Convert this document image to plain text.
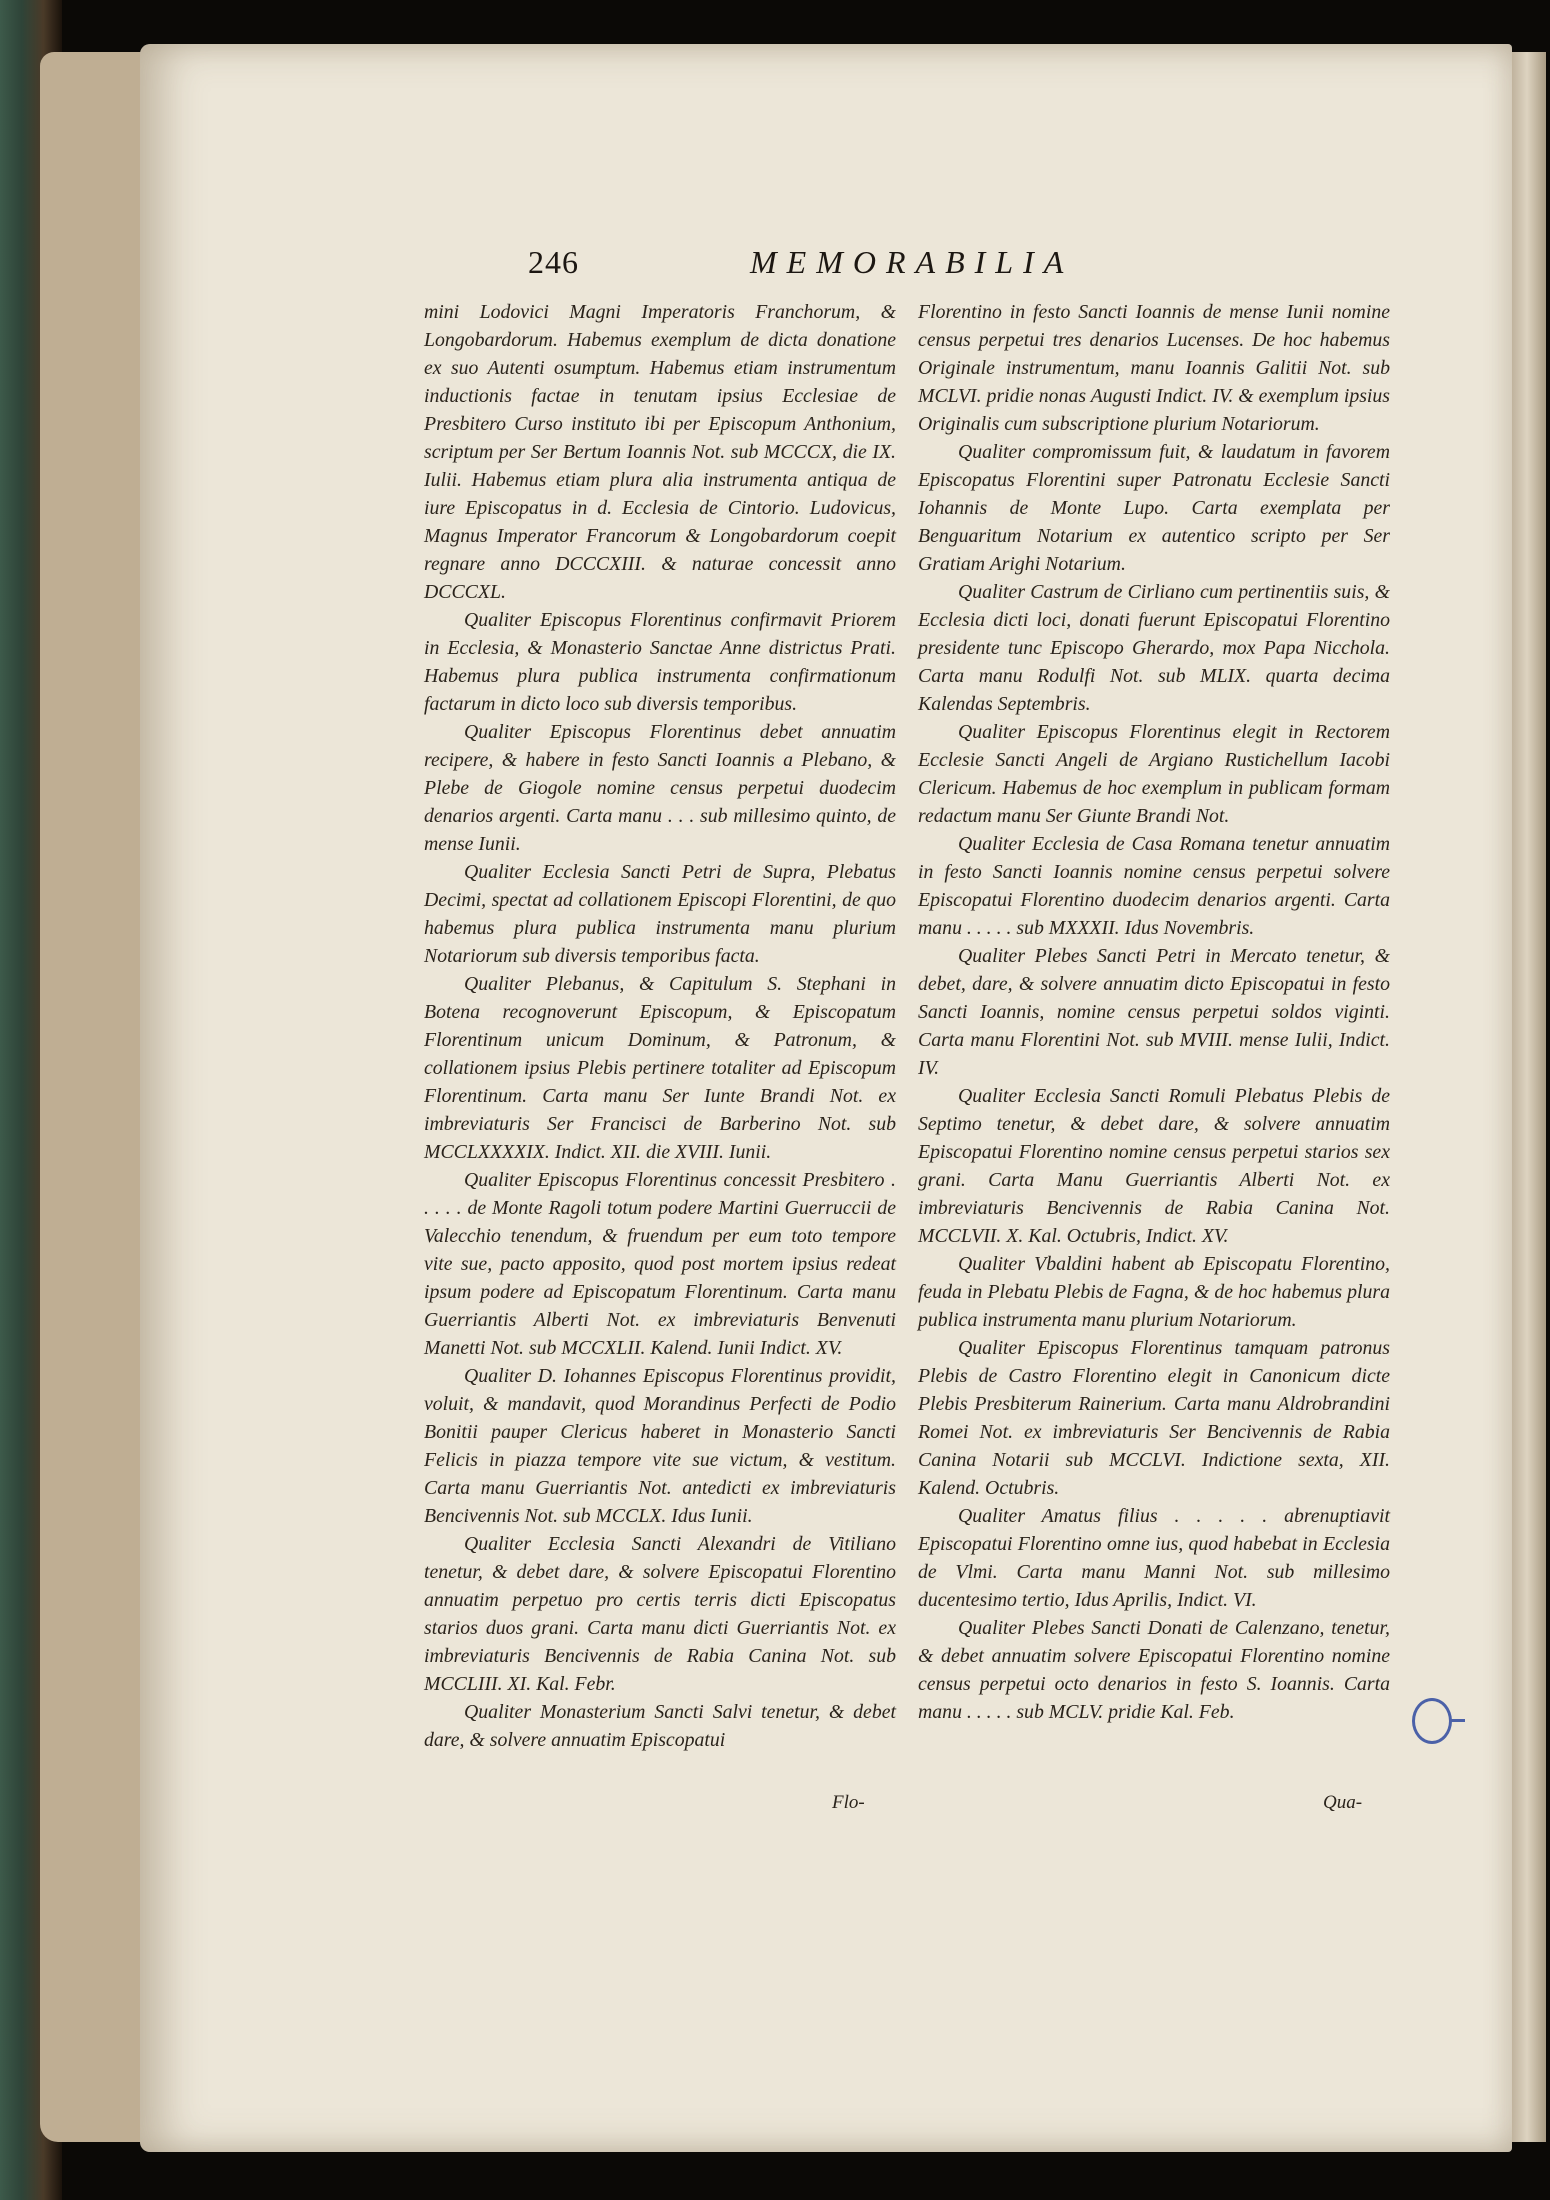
246	MEMORABILIA

mini Lodovici Magni Imperatoris Franchorum, & Longobardorum. Habemus exemplum de dicta donatione ex suo Autenti osumptum. Habemus etiam instrumentum inductionis factae in tenutam ipsius Ecclesiae de Presbitero Curso instituto ibi per Episcopum Anthonium, scriptum per Ser Bertum Ioannis Not. sub MCCCX, die IX. Iulii. Habemus etiam plura alia instrumenta antiqua de iure Episcopatus in d. Ecclesia de Cintorio. Ludovicus, Magnus Imperator Francorum & Longobardorum coepit regnare anno DCCCXIII. & naturae concessit anno DCCCXL.

Qualiter Episcopus Florentinus confirmavit Priorem in Ecclesia, & Monasterio Sanctae Anne districtus Prati. Habemus plura publica instrumenta confirmationum factarum in dicto loco sub diversis temporibus.

Qualiter Episcopus Florentinus debet annuatim recipere, & habere in festo Sancti Ioannis a Plebano, & Plebe de Giogole nomine census perpetui duodecim denarios argenti. Carta manu . . . sub millesimo quinto, de mense Iunii.

Qualiter Ecclesia Sancti Petri de Supra, Plebatus Decimi, spectat ad collationem Episcopi Florentini, de quo habemus plura publica instrumenta manu plurium Notariorum sub diversis temporibus facta.

Qualiter Plebanus, & Capitulum S. Stephani in Botena recognoverunt Episcopum, & Episcopatum Florentinum unicum Dominum, & Patronum, & collationem ipsius Plebis pertinere totaliter ad Episcopum Florentinum. Carta manu Ser Iunte Brandi Not. ex imbreviaturis Ser Francisci de Barberino Not. sub MCCLXXXXIX. Indict. XII. die XVIII. Iunii.

Qualiter Episcopus Florentinus concessit Presbitero . . . . . de Monte Ragoli totum podere Martini Guerruccii de Valecchio tenendum, & fruendum per eum toto tempore vite sue, pacto apposito, quod post mortem ipsius redeat ipsum podere ad Episcopatum Florentinum. Carta manu Guerriantis Alberti Not. ex imbreviaturis Benvenuti Manetti Not. sub MCCXLII. Kalend. Iunii Indict. XV.

Qualiter D. Iohannes Episcopus Florentinus providit, voluit, & mandavit, quod Morandinus Perfecti de Podio Bonitii pauper Clericus haberet in Monasterio Sancti Felicis in piazza tempore vite sue victum, & vestitum. Carta manu Guerriantis Not. antedicti ex imbreviaturis Bencivennis Not. sub MCCLX. Idus Iunii.

Qualiter Ecclesia Sancti Alexandri de Vitiliano tenetur, & debet dare, & solvere Episcopatui Florentino annuatim perpetuo pro certis terris dicti Episcopatus starios duos grani. Carta manu dicti Guerriantis Not. ex imbreviaturis Bencivennis de Rabia Canina Not. sub MCCLIII. XI. Kal. Febr.

Qualiter Monasterium Sancti Salvi tenetur, & debet dare, & solvere annuatim Episcopatui

Florentino in festo Sancti Ioannis de mense Iunii nomine census perpetui tres denarios Lucenses. De hoc habemus Originale instrumentum, manu Ioannis Galitii Not. sub MCLVI. pridie nonas Augusti Indict. IV. & exemplum ipsius Originalis cum subscriptione plurium Notariorum.

Qualiter compromissum fuit, & laudatum in favorem Episcopatus Florentini super Patronatu Ecclesie Sancti Iohannis de Monte Lupo. Carta exemplata per Benguaritum Notarium ex autentico scripto per Ser Gratiam Arighi Notarium.

Qualiter Castrum de Cirliano cum pertinentiis suis, & Ecclesia dicti loci, donati fuerunt Episcopatui Florentino presidente tunc Episcopo Gherardo, mox Papa Nicchola. Carta manu Rodulfi Not. sub MLIX. quarta decima Kalendas Septembris.

Qualiter Episcopus Florentinus elegit in Rectorem Ecclesie Sancti Angeli de Argiano Rustichellum Iacobi Clericum. Habemus de hoc exemplum in publicam formam redactum manu Ser Giunte Brandi Not.

Qualiter Ecclesia de Casa Romana tenetur annuatim in festo Sancti Ioannis nomine census perpetui solvere Episcopatui Florentino duodecim denarios argenti. Carta manu . . . . . sub MXXXII. Idus Novembris.

Qualiter Plebes Sancti Petri in Mercato tenetur, & debet, dare, & solvere annuatim dicto Episcopatui in festo Sancti Ioannis, nomine census perpetui soldos viginti. Carta manu Florentini Not. sub MVIII. mense Iulii, Indict. IV.

Qualiter Ecclesia Sancti Romuli Plebatus Plebis de Septimo tenetur, & debet dare, & solvere annuatim Episcopatui Florentino nomine census perpetui starios sex grani. Carta Manu Guerriantis Alberti Not. ex imbreviaturis Bencivennis de Rabia Canina Not. MCCLVII. X. Kal. Octubris, Indict. XV.

Qualiter Vbaldini habent ab Episcopatu Florentino, feuda in Plebatu Plebis de Fagna, & de hoc habemus plura publica instrumenta manu plurium Notariorum.

Qualiter Episcopus Florentinus tamquam patronus Plebis de Castro Florentino elegit in Canonicum dicte Plebis Presbiterum Rainerium. Carta manu Aldrobrandini Romei Not. ex imbreviaturis Ser Bencivennis de Rabia Canina Notarii sub MCCLVI. Indictione sexta, XII. Kalend. Octubris.

Qualiter Amatus filius . . . . . abrenuptiavit Episcopatui Florentino omne ius, quod habebat in Ecclesia de Vlmi. Carta manu Manni Not. sub millesimo ducentesimo tertio, Idus Aprilis, Indict. VI.

Qualiter Plebes Sancti Donati de Calenzano, tenetur, & debet annuatim solvere Episcopatui Florentino nomine census perpetui octo denarios in festo S. Ioannis. Carta manu . . . . . sub MCLV. pridie Kal. Feb.

Flo-	Qua-
